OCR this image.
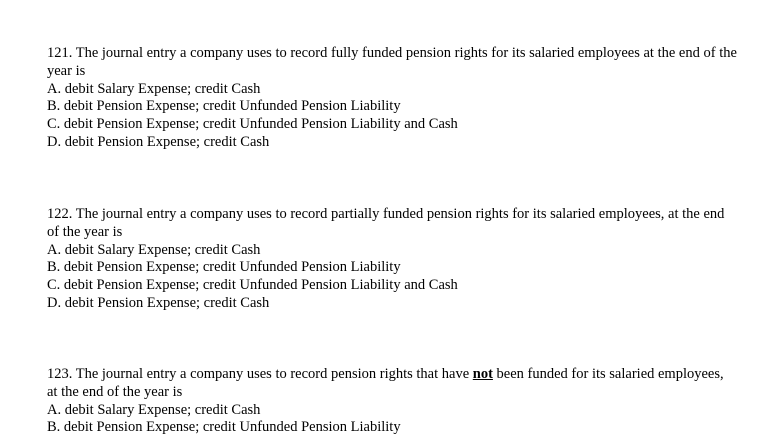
121. The journal entry a company uses to record fully funded pension rights for its salaried employees at the end of the year is

A. debit Salary Expense; credit Cash

B. debit Pension Expense; credit Unfunded Pension Liability

C. debit Pension Expense; credit Unfunded Pension Liability and Cash

D. debit Pension Expense; credit Cash

122. The journal entry a company uses to record partially funded pension rights for its salaried employees, at the end of the year is

A. debit Salary Expense; credit Cash

B. debit Pension Expense; credit Unfunded Pension Liability

C. debit Pension Expense; credit Unfunded Pension Liability and Cash

D. debit Pension Expense; credit Cash

123. The journal entry a company uses to record pension rights that have not been funded for its salaried employees, at the end of the year is

A. debit Salary Expense; credit Cash

B. debit Pension Expense; credit Unfunded Pension Liability
